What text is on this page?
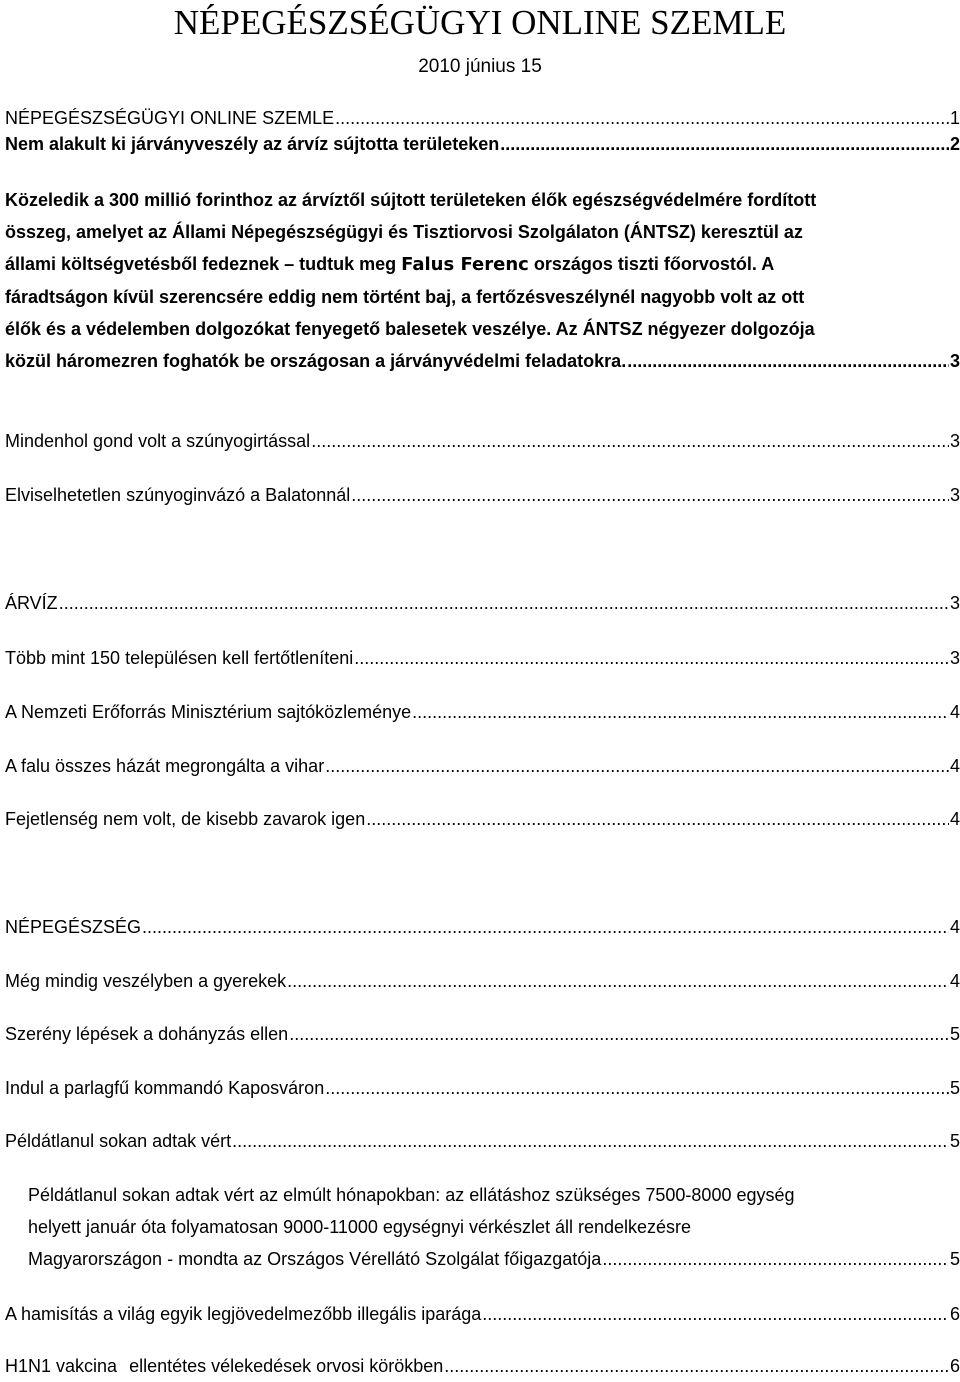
NÉPEGÉSZSÉGÜGYI ONLINE SZEMLE
2010 június 15
NÉPEGÉSZSÉGÜGYI ONLINE SZEMLE .....	1
Nem alakult ki járványveszély az árvíz sújtotta területeken .....	2
Közeledik a 300 millió forinthoz az árvíztől sújtott területeken élők egészségvédelmére fordított
összeg, amelyet az Állami Népegészségügyi és Tisztiorvosi Szolgálaton (ÁNTSZ) keresztül az
állami költségvetésből fedeznek – tudtuk meg Falus Ferenc országos tiszti főorvostól. A
fáradtságon kívül szerencsére eddig nem történt baj, a fertőzésveszélynél nagyobb volt az ott
élők és a védelemben dolgozókat fenyegető balesetek veszélye. Az ÁNTSZ négyezer dolgozója
közül háromezren foghatók be országosan a járványvédelmi feladatokra. .....	3
Mindenhol gond volt a szúnyogirtással .....	3
Elviselhetetlen szúnyoginvázó a Balatonnál .....	3
ÁRVÍZ .....	3
Több mint 150 településen kell fertőtleníteni .....	3
A Nemzeti Erőforrás Minisztérium sajtóközleménye .....	4
A falu összes házát megrongálta a vihar .....	4
Fejetlenség nem volt, de kisebb zavarok igen .....	4
NÉPEGÉSZSÉG .....	4
Még mindig veszélyben a gyerekek .....	4
Szerény lépések a dohányzás ellen .....	5
Indul a parlagfű kommandó Kaposváron .....	5
Példátlanul sokan adtak vért .....	5
Példátlanul sokan adtak vért az elmúlt hónapokban: az ellátáshoz szükséges 7500-8000 egység
helyett január óta folyamatosan 9000-11000 egységnyi vérkészlet áll rendelkezésre
Magyarországon - mondta az Országos Vérellátó Szolgálat főigazgatója .....	5
A hamisítás a világ egyik legjövedelmezőbb illegális iparága .....	6
H1N1 vakcina ellentétes vélekedések orvosi körökben .....	6
